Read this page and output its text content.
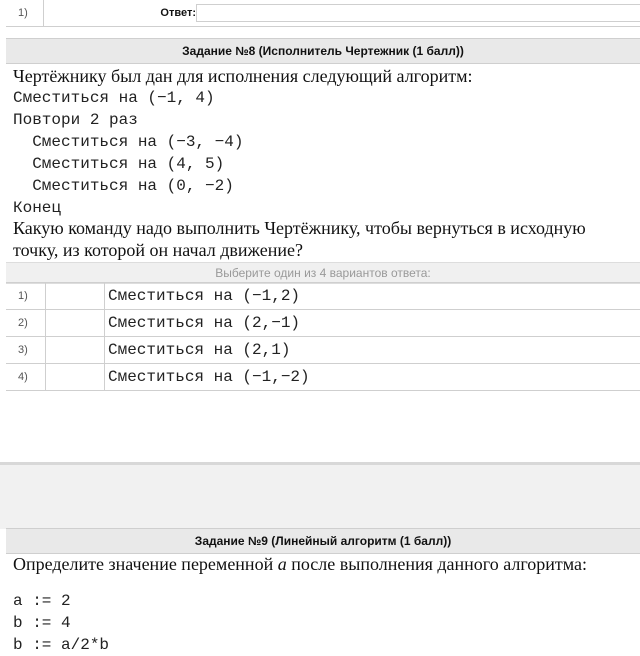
1)	Ответ:
Задание №8 (Исполнитель Чертежник (1 балл))
Чертёжнику был дан для исполнения следующий алгоритм:
Сместиться на (−1, 4)
Повтори 2 раз
Сместиться на (−3, −4)
Сместиться на (4, 5)
Сместиться на (0, −2)
Конец
Какую команду надо выполнить Чертёжнику, чтобы вернуться в исходную
точку, из которой он начал движение?
Выберите один из 4 вариантов ответа:
1)	Сместиться на (−1,2)
2)	Сместиться на (2,−1)
3)	Сместиться на (2,1)
4)	Сместиться на (−1,−2)
Задание №9 (Линейный алгоритм (1 балл))
Определите значение переменной a после выполнения данного алгоритма:
a := 2
b := 4
b := a/2*b
